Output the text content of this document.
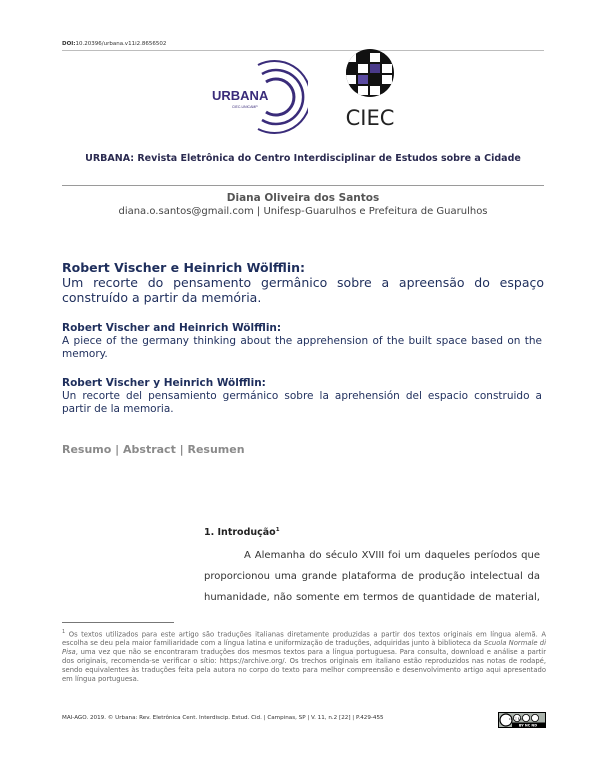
DOI:10.20396/urbana.v11i2.8656502
URBANA
CIEC-UNICAMP	CIEC
URBANA: Revista Eletrônica do Centro Interdisciplinar de Estudos sobre a Cidade
Diana Oliveira dos Santos
diana.o.santos@gmail.com | Unifesp-Guarulhos e Prefeitura de Guarulhos
Robert Vischer e Heinrich Wölfflin:
Um recorte do pensamento germânico sobre a apreensão do espaço construído a partir da memória.
Robert Vischer and Heinrich Wölfflin:
A piece of the germany thinking about the apprehension of the built space based on the memory.
Robert Vischer y Heinrich Wölfflin:
Un recorte del pensamiento germánico sobre la aprehensión del espacio construido a partir de la memoria.
Resumo | Abstract | Resumen
1. Introdução$^1$
A Alemanha do século XVIII foi um daqueles períodos que
proporcionou uma grande plataforma de produção intelectual da
humanidade, não somente em termos de quantidade de material,
$^1$ Os textos utilizados para este artigo são traduções italianas diretamente produzidas a partir dos textos originais em língua alemã. A escolha se deu pela maior familiaridade com a língua latina e uniformização de traduções, adquiridas junto à biblioteca da Scuola Normale di Pisa, uma vez que não se encontraram traduções dos mesmos textos para a língua portuguesa. Para consulta, download e análise a partir dos originais, recomenda-se verificar o sítio: https://archive.org/. Os trechos originais em italiano estão reproduzidos nas notas de rodapé, sendo equivalentes às traduções feita pela autora no corpo do texto para melhor compreensão e desenvolvimento artigo aqui apresentado em língua portuguesa.
MAI-AGO. 2019. © Urbana: Rev. Eletrônica Cent. Interdiscip. Estud. Cid. | Campinas, SP | V. 11, n.2 [22] | P.429-455	cc ⓘ $ =
BY NC ND
